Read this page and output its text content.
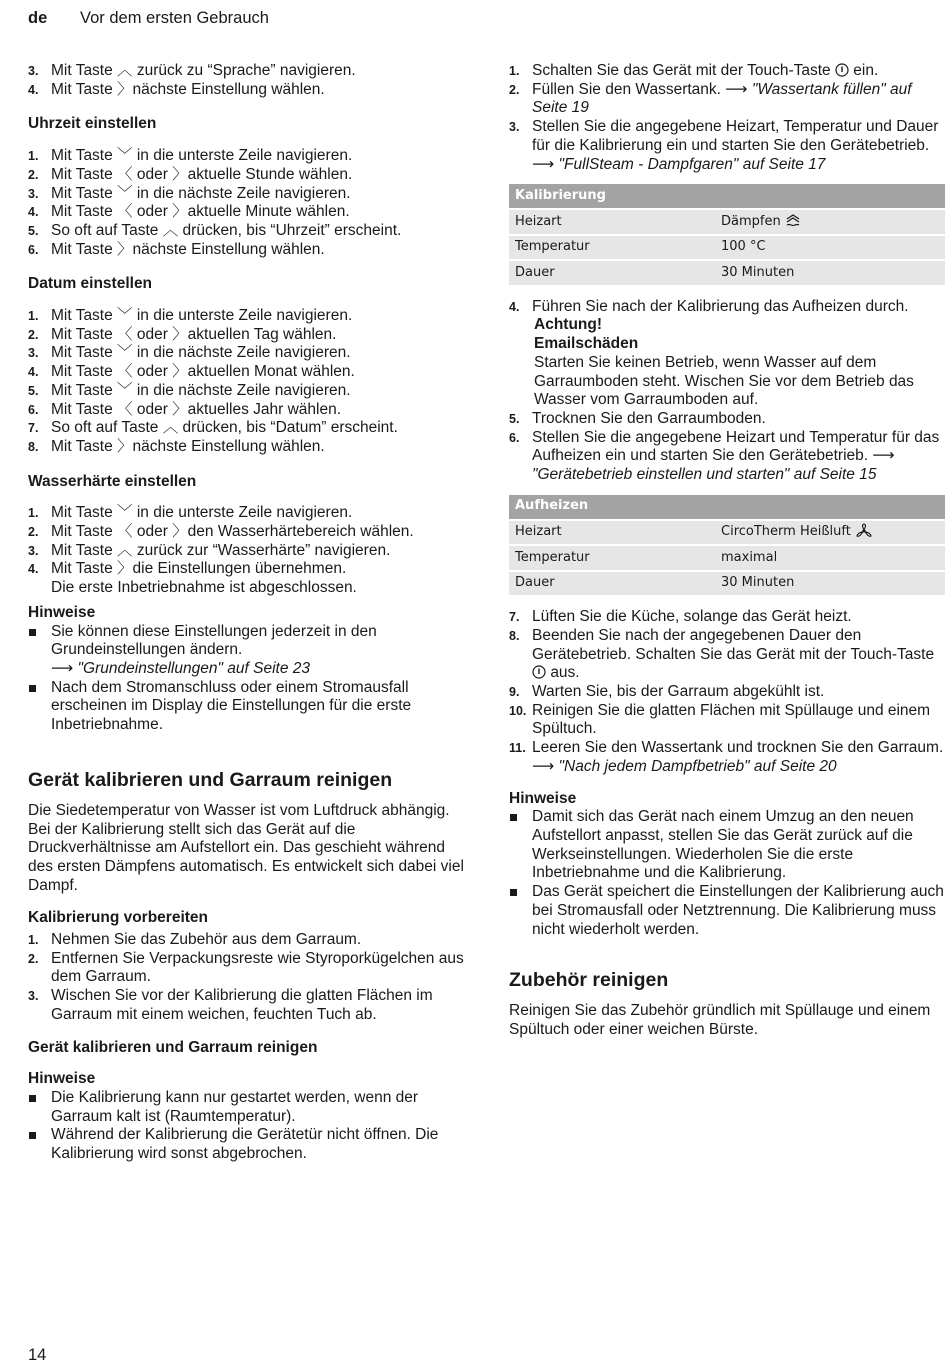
de Vor dem ersten Gebrauch
3. Mit Taste ︿ zurück zu “Sprache” navigieren.
4. Mit Taste 〉nächste Einstellung wählen.
Uhrzeit einstellen
1. Mit Taste ﹀ in die unterste Zeile navigieren.
2. Mit Taste 〈 oder 〉aktuelle Stunde wählen.
3. Mit Taste ﹀ in die nächste Zeile navigieren.
4. Mit Taste 〈 oder 〉aktuelle Minute wählen.
5. So oft auf Taste ︿ drücken, bis “Uhrzeit” erscheint.
6. Mit Taste 〉nächste Einstellung wählen.
Datum einstellen
1. Mit Taste ﹀ in die unterste Zeile navigieren.
2. Mit Taste 〈 oder 〉aktuellen Tag wählen.
3. Mit Taste ﹀ in die nächste Zeile navigieren.
4. Mit Taste 〈 oder 〉aktuellen Monat wählen.
5. Mit Taste ﹀ in die nächste Zeile navigieren.
6. Mit Taste 〈 oder 〉aktuelles Jahr wählen.
7. So oft auf Taste ︿ drücken, bis “Datum” erscheint.
8. Mit Taste 〉nächste Einstellung wählen.
Wasserhärte einstellen
1. Mit Taste ﹀ in die unterste Zeile navigieren.
2. Mit Taste 〈 oder 〉den Wasserhärtebereich wählen.
3. Mit Taste ︿ zurück zur “Wasserhärte” navigieren.
4. Mit Taste 〉die Einstellungen übernehmen.
Die erste Inbetriebnahme ist abgeschlossen.
Hinweise
Sie können diese Einstellungen jederzeit in den Grundeinstellungen ändern.
⟶ "Grundeinstellungen" auf Seite 23
Nach dem Stromanschluss oder einem Stromausfall erscheinen im Display die Einstellungen für die erste Inbetriebnahme.
Gerät kalibrieren und Garraum reinigen

Die Siedetemperatur von Wasser ist vom Luftdruck abhängig. Bei der Kalibrierung stellt sich das Gerät auf die Druckverhältnisse am Aufstellort ein. Das geschieht während des ersten Dämpfens automatisch. Es entwickelt sich dabei viel Dampf.

Kalibrierung vorbereiten
1. Nehmen Sie das Zubehör aus dem Garraum.
2. Entfernen Sie Verpackungsreste wie Styroporkügelchen aus dem Garraum.
3. Wischen Sie vor der Kalibrierung die glatten Flächen im Garraum mit einem weichen, feuchten Tuch ab.
Gerät kalibrieren und Garraum reinigen
Hinweise
Die Kalibrierung kann nur gestartet werden, wenn der Garraum kalt ist (Raumtemperatur).
Während der Kalibrierung die Gerätetür nicht öffnen. Die Kalibrierung wird sonst abgebrochen.
1. Schalten Sie das Gerät mit der Touch-Taste ein.
2. Füllen Sie den Wassertank. ⟶ "Wassertank füllen" auf Seite 19
3. Stellen Sie die angegebene Heizart, Temperatur und Dauer für die Kalibrierung ein und starten Sie den Gerätebetrieb. ⟶ "FullSteam - Dampfgaren" auf Seite 17
Kalibrierung	
Heizart	Dämpfen
Temperatur	100 °C
Dauer	30 Minuten
4. Führen Sie nach der Kalibrierung das Aufheizen durch.
Achtung!
Emailschäden
Starten Sie keinen Betrieb, wenn Wasser auf dem Garraumboden steht. Wischen Sie vor dem Betrieb das Wasser vom Garraumboden auf.
5. Trocknen Sie den Garraumboden.
6. Stellen Sie die angegebene Heizart und Temperatur für das Aufheizen ein und starten Sie den Gerätebetrieb. ⟶ "Gerätebetrieb einstellen und starten" auf Seite 15
Aufheizen	
Heizart	CircoTherm Heißluft
Temperatur	maximal
Dauer	30 Minuten
7. Lüften Sie die Küche, solange das Gerät heizt.
8. Beenden Sie nach der angegebenen Dauer den Gerätebetrieb. Schalten Sie das Gerät mit der Touch-Taste  aus.
9. Warten Sie, bis der Garraum abgekühlt ist.
10. Reinigen Sie die glatten Flächen mit Spüllauge und einem Spültuch.
11. Leeren Sie den Wassertank und trocknen Sie den Garraum. ⟶ "Nach jedem Dampfbetrieb" auf Seite 20
Hinweise
Damit sich das Gerät nach einem Umzug an den neuen Aufstellort anpasst, stellen Sie das Gerät zurück auf die Werkseinstellungen. Wiederholen Sie die erste Inbetriebnahme und die Kalibrierung.
Das Gerät speichert die Einstellungen der Kalibrierung auch bei Stromausfall oder Netztrennung. Die Kalibrierung muss nicht wiederholt werden.
Zubehör reinigen

Reinigen Sie das Zubehör gründlich mit Spüllauge und einem Spültuch oder einer weichen Bürste.

14
